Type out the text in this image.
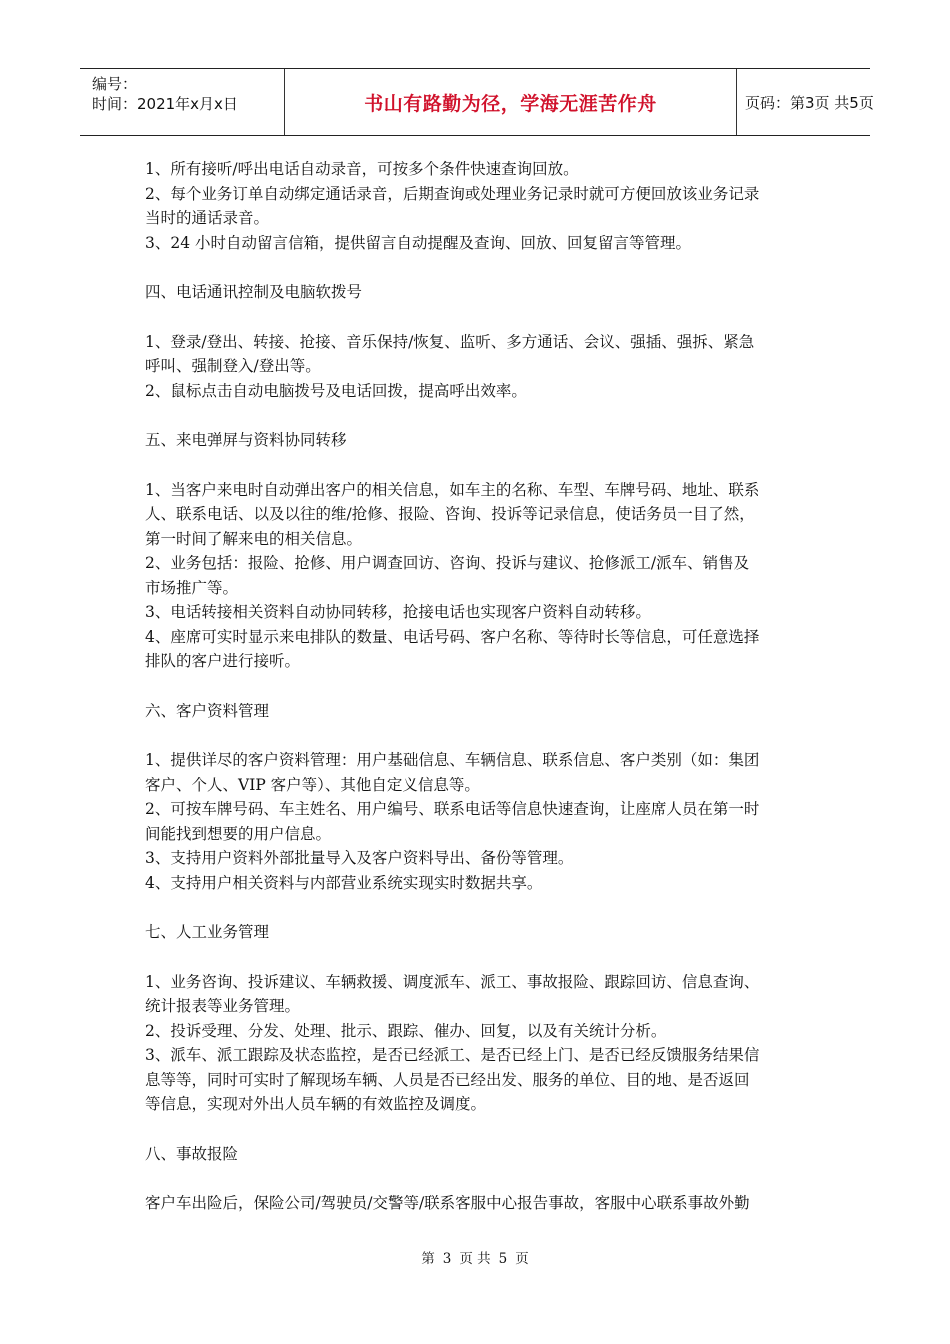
编号：
时间：2021年x月x日	书山有路勤为径，学海无涯苦作舟	页码：第3页 共5页
1、所有接听/呼出电话自动录音，可按多个条件快速查询回放。
2、每个业务订单自动绑定通话录音，后期查询或处理业务记录时就可方便回放该业务记录
当时的通话录音。
3、24 小时自动留言信箱，提供留言自动提醒及查询、回放、回复留言等管理。
四、电话通讯控制及电脑软拨号
1、登录/登出、转接、抢接、音乐保持/恢复、监听、多方通话、会议、强插、强拆、紧急
呼叫、强制登入/登出等。
2、鼠标点击自动电脑拨号及电话回拨，提高呼出效率。
五、来电弹屏与资料协同转移
1、当客户来电时自动弹出客户的相关信息，如车主的名称、车型、车牌号码、地址、联系
人、联系电话、以及以往的维/抢修、报险、咨询、投诉等记录信息，使话务员一目了然，
第一时间了解来电的相关信息。
2、业务包括：报险、抢修、用户调查回访、咨询、投诉与建议、抢修派工/派车、销售及
市场推广等。
3、电话转接相关资料自动协同转移，抢接电话也实现客户资料自动转移。
4、座席可实时显示来电排队的数量、电话号码、客户名称、等待时长等信息，可任意选择
排队的客户进行接听。
六、客户资料管理
1、提供详尽的客户资料管理：用户基础信息、车辆信息、联系信息、客户类别（如：集团
客户、个人、VIP 客户等）、其他自定义信息等。
2、可按车牌号码、车主姓名、用户编号、联系电话等信息快速查询，让座席人员在第一时
间能找到想要的用户信息。
3、支持用户资料外部批量导入及客户资料导出、备份等管理。
4、支持用户相关资料与内部营业系统实现实时数据共享。
七、人工业务管理
1、业务咨询、投诉建议、车辆救援、调度派车、派工、事故报险、跟踪回访、信息查询、
统计报表等业务管理。
2、投诉受理、分发、处理、批示、跟踪、催办、回复，以及有关统计分析。
3、派车、派工跟踪及状态监控，是否已经派工、是否已经上门、是否已经反馈服务结果信
息等等，同时可实时了解现场车辆、人员是否已经出发、服务的单位、目的地、是否返回
等信息，实现对外出人员车辆的有效监控及调度。
八、事故报险
客户车出险后，保险公司/驾驶员/交警等/联系客服中心报告事故，客服中心联系事故外勤
第 3 页 共 5 页
